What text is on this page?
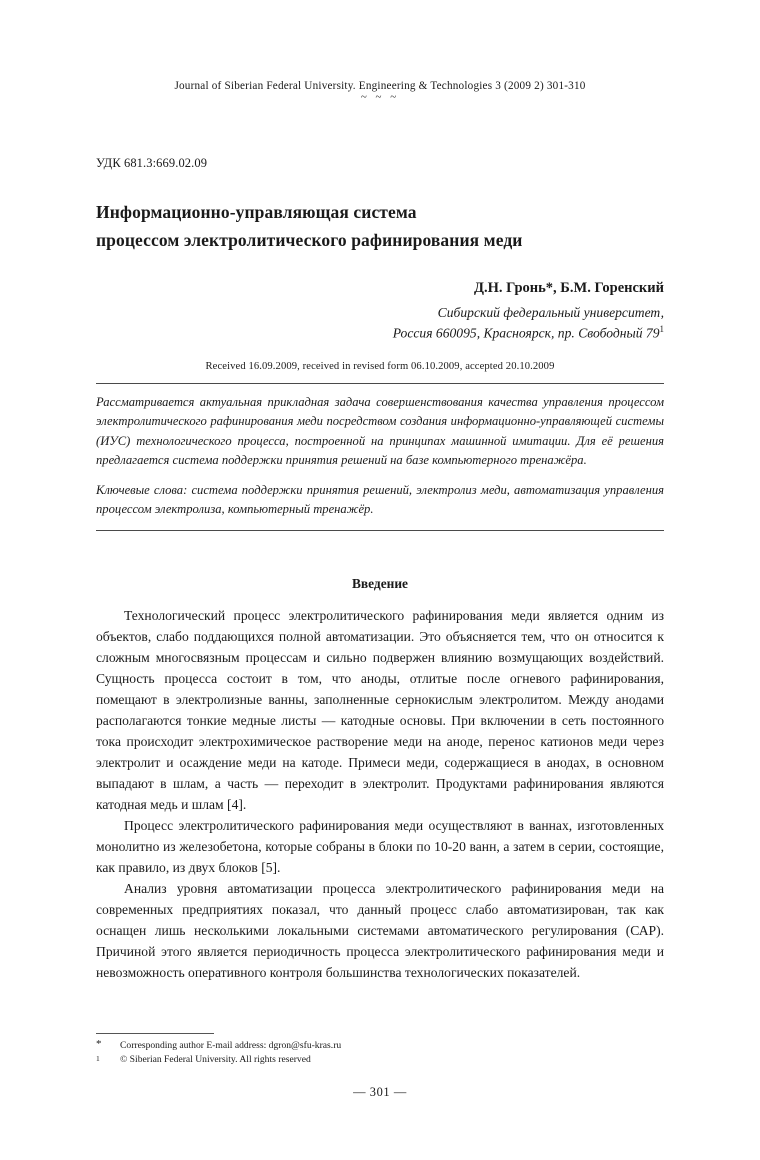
Journal of Siberian Federal University. Engineering & Technologies 3 (2009 2) 301-310
~ ~ ~
УДК 681.3:669.02.09
Информационно-управляющая система
процессом электролитического рафинирования меди
Д.Н. Гронь*, Б.М. Горенский
Сибирский федеральный университет,
Россия 660095, Красноярск, пр. Свободный $79^1$
Received 16.09.2009, received in revised form 06.10.2009, accepted 20.10.2009
Рассматривается актуальная прикладная задача совершенствования качества управления процессом электролитического рафинирования меди посредством создания информационно-управляющей системы (ИУС) технологического процесса, построенной на принципах машинной имитации. Для её решения предлагается система поддержки принятия решений на базе компьютерного тренажёра.
Ключевые слова: система поддержки принятия решений, электролиз меди, автоматизация управления процессом электролиза, компьютерный тренажёр.
Введение

Технологический процесс электролитического рафинирования меди является одним из объектов, слабо поддающихся полной автоматизации. Это объясняется тем, что он относится к сложным многосвязным процессам и сильно подвержен влиянию возмущающих воздействий. Сущность процесса состоит в том, что аноды, отлитые после огневого рафинирования, помещают в электролизные ванны, заполненные сернокислым электролитом. Между анодами располагаются тонкие медные листы — катодные основы. При включении в сеть постоянного тока происходит электрохимическое растворение меди на аноде, перенос катионов меди через электролит и осаждение меди на катоде. Примеси меди, содержащиеся в анодах, в основном выпадают в шлам, а часть — переходит в электролит. Продуктами рафинирования являются катодная медь и шлам [4].

Процесс электролитического рафинирования меди осуществляют в ваннах, изготовленных монолитно из железобетона, которые собраны в блоки по 10-20 ванн, а затем в серии, состоящие, как правило, из двух блоков [5].

Анализ уровня автоматизации процесса электролитического рафинирования меди на современных предприятиях показал, что данный процесс слабо автоматизирован, так как оснащен лишь несколькими локальными системами автоматического регулирования (САР). Причиной этого является периодичность процесса электролитического рафинирования меди и невозможность оперативного контроля большинства технологических показателей.

*	Corresponding author E-mail address: dgron@sfu-kras.ru
1	© Siberian Federal University. All rights reserved
— 301 —
